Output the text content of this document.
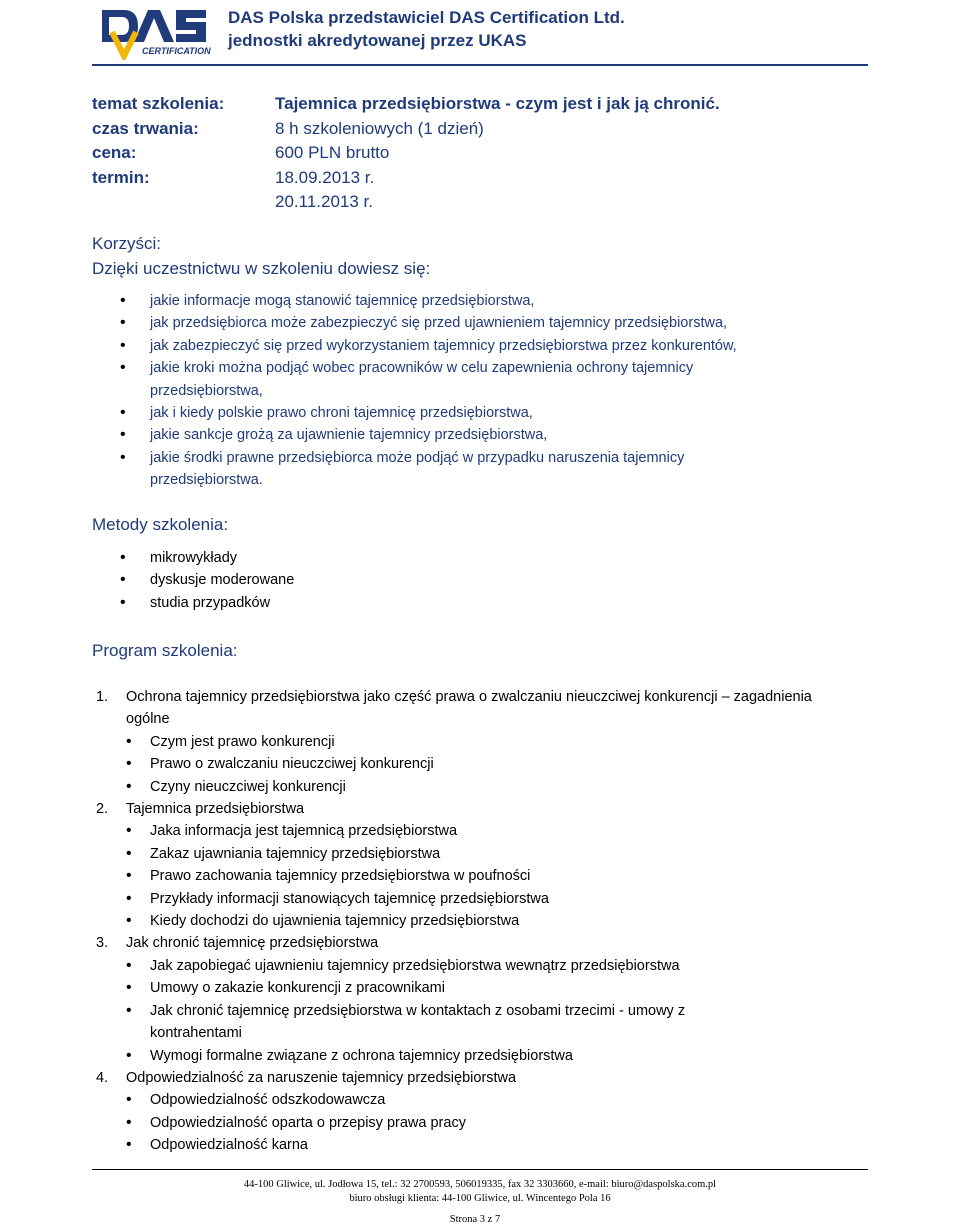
CERTIFICATION
DAS Polska przedstawiciel DAS Certification Ltd.
jednostki akredytowanej przez UKAS
temat szkolenia:	Tajemnica przedsiębiorstwa - czym jest i jak ją chronić.
czas trwania:	8 h szkoleniowych (1 dzień)
cena:	600 PLN brutto
termin:	18.09.2013 r.
20.11.2013 r.
Korzyści:
Dzięki uczestnictwu w szkoleniu dowiesz się:
• jakie informacje mogą stanowić tajemnicę przedsiębiorstwa,
• jak przedsiębiorca może zabezpieczyć się przed ujawnieniem tajemnicy przedsiębiorstwa,
• jak zabezpieczyć się przed wykorzystaniem tajemnicy przedsiębiorstwa przez konkurentów,
• jakie kroki można podjąć wobec pracowników w celu zapewnienia ochrony tajemnicy przedsiębiorstwa,
• jak i kiedy polskie prawo chroni tajemnicę przedsiębiorstwa,
• jakie sankcje grożą za ujawnienie tajemnicy przedsiębiorstwa,
• jakie środki prawne przedsiębiorca może podjąć w przypadku naruszenia tajemnicy przedsiębiorstwa.
Metody szkolenia:
• mikrowykłady
• dyskusje moderowane
• studia przypadków
Program szkolenia:
1. Ochrona tajemnicy przedsiębiorstwa jako część prawa o zwalczaniu nieuczciwej konkurencji – zagadnienia ogólne
• Czym jest prawo konkurencji
• Prawo o zwalczaniu nieuczciwej konkurencji
• Czyny nieuczciwej konkurencji
2. Tajemnica przedsiębiorstwa
• Jaka informacja jest tajemnicą przedsiębiorstwa
• Zakaz ujawniania tajemnicy przedsiębiorstwa
• Prawo zachowania tajemnicy przedsiębiorstwa w poufności
• Przykłady informacji stanowiących tajemnicę przedsiębiorstwa
• Kiedy dochodzi do ujawnienia tajemnicy przedsiębiorstwa
3. Jak chronić tajemnicę przedsiębiorstwa
• Jak zapobiegać ujawnieniu tajemnicy przedsiębiorstwa wewnątrz przedsiębiorstwa
• Umowy o zakazie konkurencji z pracownikami
• Jak chronić tajemnicę przedsiębiorstwa w kontaktach z osobami trzecimi - umowy z kontrahentami
• Wymogi formalne związane z ochrona tajemnicy przedsiębiorstwa
4. Odpowiedzialność za naruszenie tajemnicy przedsiębiorstwa
• Odpowiedzialność odszkodowawcza
• Odpowiedzialność oparta o przepisy prawa pracy
• Odpowiedzialność karna
44-100 Gliwice, ul. Jodłowa 15, tel.: 32 2700593, 506019335, fax 32 3303660, e-mail: biuro@daspolska.com.pl
biuro obsługi klienta: 44-100 Gliwice, ul. Wincentego Pola 16
Strona 3 z 7
